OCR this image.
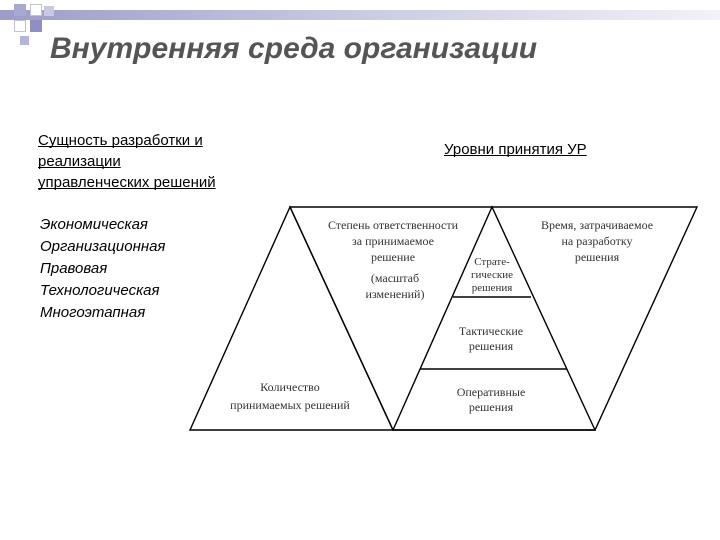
Внутренняя среда организации
Сущность разработки и
реализации
управленческих решений
Экономическая
Организационная
Правовая
Технологическая
Многоэтапная
Уровни принятия УР
Степень ответственности
за принимаемое
решение
(масштаб
изменений)
Время, затрачиваемое
на разработку
решения
Количество
принимаемых решений
Страте-
гические
решения
Тактические
решения
Оперативные
решения
